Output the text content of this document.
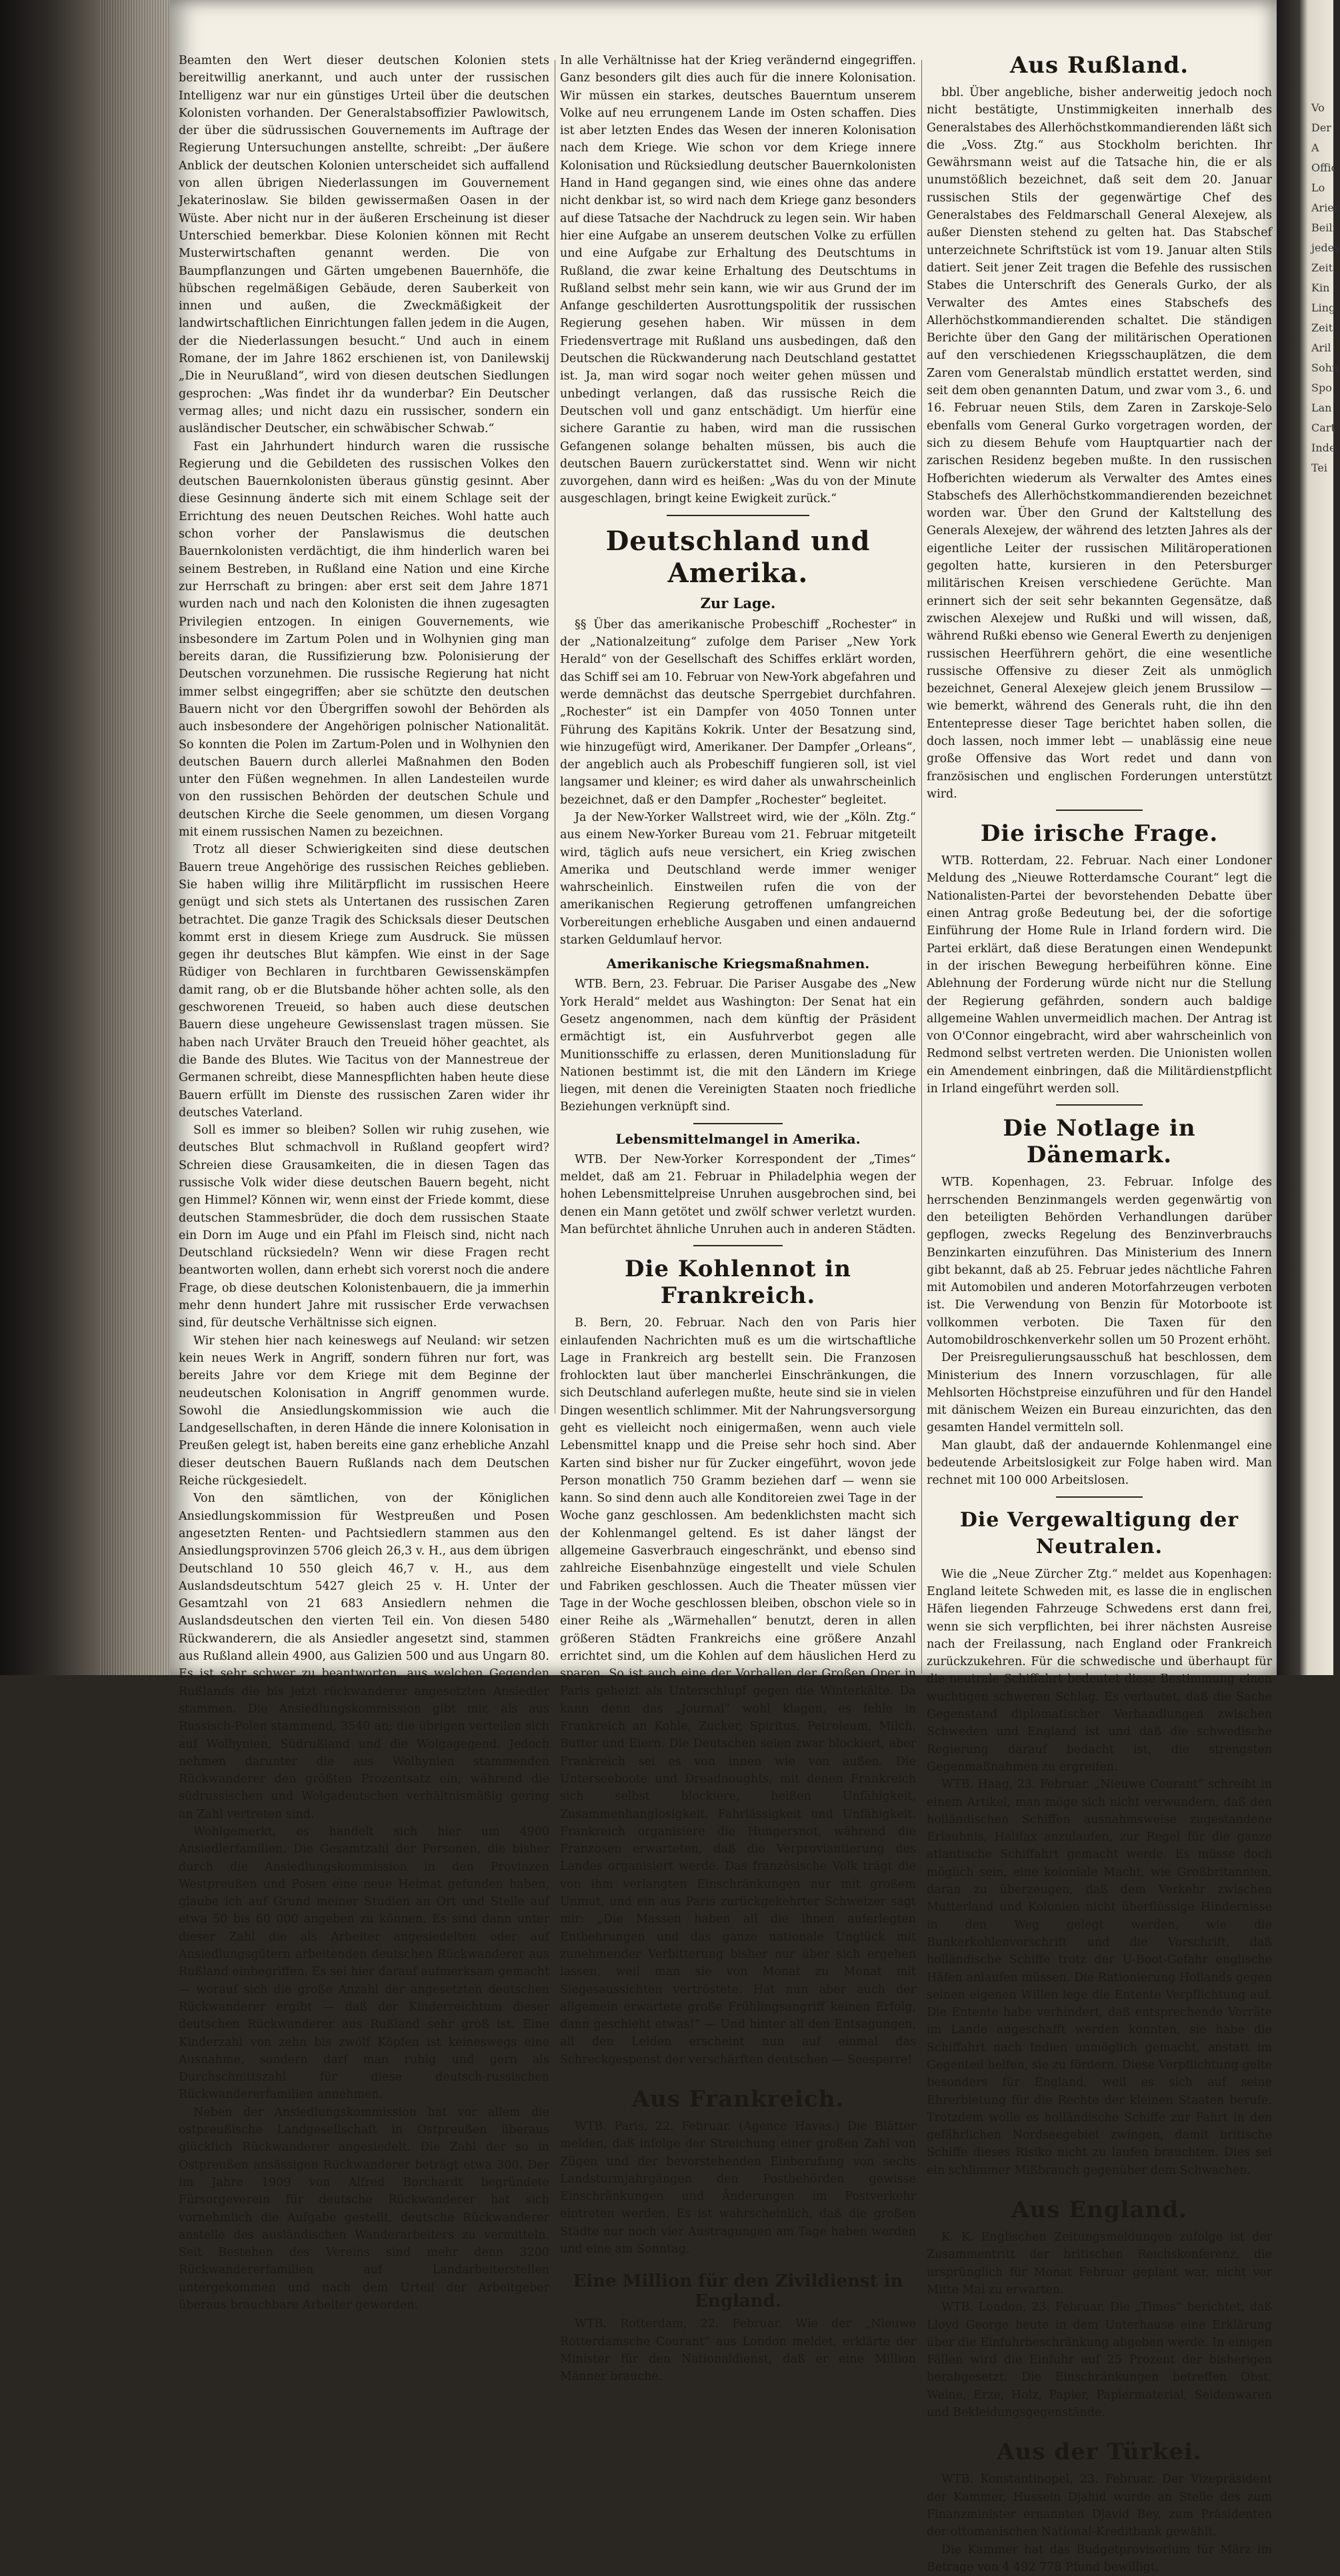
Vo
Der
A
Offic
Lo
Ariec
Beili
jedes
Zeit
Kin
Ling
Zeit
Aril
Sohn
Spo
Lan
Cart
Inde
Tei

Beamten den Wert dieser deutschen Kolonien stets bereitwillig anerkannt, und auch unter der russischen Intelligenz war nur ein günstiges Urteil über die deutschen Kolonisten vorhanden. Der Generalstabsoffizier Pawlowitsch, der über die südrussischen Gouvernements im Auftrage der Regierung Untersuchungen anstellte, schreibt: „Der äußere Anblick der deutschen Kolonien unterscheidet sich auffallend von allen übrigen Niederlassungen im Gouvernement Jekaterinoslaw. Sie bilden gewissermaßen Oasen in der Wüste. Aber nicht nur in der äußeren Erscheinung ist dieser Unterschied bemerkbar. Diese Kolonien können mit Recht Musterwirtschaften genannt werden. Die von Baumpflanzungen und Gärten umgebenen Bauernhöfe, die hübschen regelmäßigen Gebäude, deren Sauberkeit von innen und außen, die Zweckmäßigkeit der landwirtschaftlichen Einrichtungen fallen jedem in die Augen, der die Niederlassungen besucht.“ Und auch in einem Romane, der im Jahre 1862 erschienen ist, von Danilewskij „Die in Neurußland“, wird von diesen deutschen Siedlungen gesprochen: „Was findet ihr da wunderbar? Ein Deutscher vermag alles; und nicht dazu ein russischer, sondern ein ausländischer Deutscher, ein schwäbischer Schwab.“

Fast ein Jahrhundert hindurch waren die russische Regierung und die Gebildeten des russischen Volkes den deutschen Bauernkolonisten überaus günstig gesinnt. Aber diese Gesinnung änderte sich mit einem Schlage seit der Errichtung des neuen Deutschen Reiches. Wohl hatte auch schon vorher der Panslawismus die deutschen Bauernkolonisten verdächtigt, die ihm hinderlich waren bei seinem Bestreben, in Rußland eine Nation und eine Kirche zur Herrschaft zu bringen: aber erst seit dem Jahre 1871 wurden nach und nach den Kolonisten die ihnen zugesagten Privilegien entzogen. In einigen Gouvernements, wie insbesondere im Zartum Polen und in Wolhynien ging man bereits daran, die Russifizierung bzw. Polonisierung der Deutschen vorzunehmen. Die russische Regierung hat nicht immer selbst eingegriffen; aber sie schützte den deutschen Bauern nicht vor den Übergriffen sowohl der Behörden als auch insbesondere der Angehörigen polnischer Nationalität. So konnten die Polen im Zartum-Polen und in Wolhynien den deutschen Bauern durch allerlei Maßnahmen den Boden unter den Füßen wegnehmen. In allen Landesteilen wurde von den russischen Behörden der deutschen Schule und deutschen Kirche die Seele genommen, um diesen Vorgang mit einem russischen Namen zu bezeichnen.

Trotz all dieser Schwierigkeiten sind diese deutschen Bauern treue Angehörige des russischen Reiches geblieben. Sie haben willig ihre Militärpflicht im russischen Heere genügt und sich stets als Untertanen des russischen Zaren betrachtet. Die ganze Tragik des Schicksals dieser Deutschen kommt erst in diesem Kriege zum Ausdruck. Sie müssen gegen ihr deutsches Blut kämpfen. Wie einst in der Sage Rüdiger von Bechlaren in furchtbaren Gewissenskämpfen damit rang, ob er die Blutsbande höher achten solle, als den geschworenen Treueid, so haben auch diese deutschen Bauern diese ungeheure Gewissenslast tragen müssen. Sie haben nach Urväter Brauch den Treueid höher geachtet, als die Bande des Blutes. Wie Tacitus von der Mannestreue der Germanen schreibt, diese Mannespflichten haben heute diese Bauern erfüllt im Dienste des russischen Zaren wider ihr deutsches Vaterland.

Soll es immer so bleiben? Sollen wir ruhig zusehen, wie deutsches Blut schmachvoll in Rußland geopfert wird? Schreien diese Grausamkeiten, die in diesen Tagen das russische Volk wider diese deutschen Bauern begeht, nicht gen Himmel? Können wir, wenn einst der Friede kommt, diese deutschen Stammesbrüder, die doch dem russischen Staate ein Dorn im Auge und ein Pfahl im Fleisch sind, nicht nach Deutschland rücksiedeln? Wenn wir diese Fragen recht beantworten wollen, dann erhebt sich vorerst noch die andere Frage, ob diese deutschen Kolonistenbauern, die ja immerhin mehr denn hundert Jahre mit russischer Erde verwachsen sind, für deutsche Verhältnisse sich eignen.

Wir stehen hier nach keineswegs auf Neuland: wir setzen kein neues Werk in Angriff, sondern führen nur fort, was bereits Jahre vor dem Kriege mit dem Beginne der neudeutschen Kolonisation in Angriff genommen wurde. Sowohl die Ansiedlungskommission wie auch die Landgesellschaften, in deren Hände die innere Kolonisation in Preußen gelegt ist, haben bereits eine ganz erhebliche Anzahl dieser deutschen Bauern Rußlands nach dem Deutschen Reiche rückgesiedelt.

Von den sämtlichen, von der Königlichen Ansiedlungskommission für Westpreußen und Posen angesetzten Renten- und Pachtsiedlern stammen aus den Ansiedlungsprovinzen 5706 gleich 26,3 v. H., aus dem übrigen Deutschland 10 550 gleich 46,7 v. H., aus dem Auslandsdeutschtum 5427 gleich 25 v. H. Unter der Gesamtzahl von 21 683 Ansiedlern nehmen die Auslandsdeutschen den vierten Teil ein. Von diesen 5480 Rückwanderern, die als Ansiedler angesetzt sind, stammen aus Rußland allein 4900, aus Galizien 500 und aus Ungarn 80. Es ist sehr schwer zu beantworten, aus welchen Gegenden Rußlands die bis jetzt rückwanderer angesetzten Ansiedler stammen. Die Ansiedlungskommission gibt mir, als aus Russisch-Polen stammend, 3540 an; die übrigen verteilen sich auf Wolhynien, Südrußland und die Wolgagegend. Jedoch nehmen darunter die aus Wolhynien stammenden Rückwanderer den größten Prozentsatz ein, während die südrussischen und Wolgadeutschen verhältnismäßig gering an Zahl vertreten sind.

Wohlgemerkt, es handelt sich hier um 4900 Ansiedlerfamilien. Die Gesamtzahl der Personen, die bisher durch die Ansiedlungskommission in den Provinzen Westpreußen und Posen eine neue Heimat gefunden haben, glaube ich auf Grund meiner Studien an Ort und Stelle auf etwa 50 bis 60 000 angeben zu können. Es sind dann unter dieser Zahl die als Arbeiter angesiedelten oder auf Ansiedlungsgütern arbeitenden deutschen Rückwanderer aus Rußland einbegriffen. Es sei hier darauf aufmerksam gemacht — worauf sich die große Anzahl der angesetzten deutschen Rückwanderer ergibt — daß der Kinderreichtum dieser deutschen Rückwanderer aus Rußland sehr groß ist. Eine Kinderzahl von zehn bis zwölf Köpfen ist keineswegs eine Ausnahme, sondern darf man ruhig und gern als Durchschnittszahl für diese deutsch-russischen Rückwandererfamilien annehmen.

Neben der Ansiedlungskommission hat vor allem die ostpreußische Landgesellschaft in Ostpreußen überaus glücklich Rückwanderer angesiedelt. Die Zahl der so in Ostpreußen ansässigen Rückwanderer beträgt etwa 300. Der im Jahre 1909 von Alfred Borchardt begründete Fürsorgeverein für deutsche Rückwanderer hat sich vornehmlich die Aufgabe gestellt, deutsche Rückwanderer anstelle des ausländischen Wanderarbeiters zu vermitteln. Seit Bestehen des Vereins sind mehr denn 3200 Rückwandererfamilien auf Landarbeiterstellen untergekommen und nach dem Urteil der Arbeitgeber überaus brauchbare Arbeiter geworden.

In alle Verhältnisse hat der Krieg verändernd eingegriffen. Ganz besonders gilt dies auch für die innere Kolonisation. Wir müssen ein starkes, deutsches Bauerntum unserem Volke auf neu errungenem Lande im Osten schaffen. Dies ist aber letzten Endes das Wesen der inneren Kolonisation nach dem Kriege. Wie schon vor dem Kriege innere Kolonisation und Rücksiedlung deutscher Bauernkolonisten Hand in Hand gegangen sind, wie eines ohne das andere nicht denkbar ist, so wird nach dem Kriege ganz besonders auf diese Tatsache der Nachdruck zu legen sein. Wir haben hier eine Aufgabe an unserem deutschen Volke zu erfüllen und eine Aufgabe zur Erhaltung des Deutschtums in Rußland, die zwar keine Erhaltung des Deutschtums in Rußland selbst mehr sein kann, wie wir aus Grund der im Anfange geschilderten Ausrottungspolitik der russischen Regierung gesehen haben. Wir müssen in dem Friedensvertrage mit Rußland uns ausbedingen, daß den Deutschen die Rückwanderung nach Deutschland gestattet ist. Ja, man wird sogar noch weiter gehen müssen und unbedingt verlangen, daß das russische Reich die Deutschen voll und ganz entschädigt. Um hierfür eine sichere Garantie zu haben, wird man die russischen Gefangenen solange behalten müssen, bis auch die deutschen Bauern zurückerstattet sind. Wenn wir nicht zuvorgehen, dann wird es heißen: „Was du von der Minute ausgeschlagen, bringt keine Ewigkeit zurück.“

Deutschland und Amerika.
Zur Lage.

§§ Über das amerikanische Probeschiff „Rochester“ in der „Nationalzeitung“ zufolge dem Pariser „New York Herald“ von der Gesellschaft des Schiffes erklärt worden, das Schiff sei am 10. Februar von New-York abgefahren und werde demnächst das deutsche Sperrgebiet durchfahren. „Rochester“ ist ein Dampfer von 4050 Tonnen unter Führung des Kapitäns Kokrik. Unter der Besatzung sind, wie hinzugefügt wird, Amerikaner. Der Dampfer „Orleans“, der angeblich auch als Probeschiff fungieren soll, ist viel langsamer und kleiner; es wird daher als unwahrscheinlich bezeichnet, daß er den Dampfer „Rochester“ begleitet.

Ja der New-Yorker Wallstreet wird, wie der „Köln. Ztg.“ aus einem New-Yorker Bureau vom 21. Februar mitgeteilt wird, täglich aufs neue versichert, ein Krieg zwischen Amerika und Deutschland werde immer weniger wahrscheinlich. Einstweilen rufen die von der amerikanischen Regierung getroffenen umfangreichen Vorbereitungen erhebliche Ausgaben und einen andauernd starken Geldumlauf hervor.

Amerikanische Kriegsmaßnahmen.

WTB. Bern, 23. Februar. Die Pariser Ausgabe des „New York Herald“ meldet aus Washington: Der Senat hat ein Gesetz angenommen, nach dem künftig der Präsident ermächtigt ist, ein Ausfuhrverbot gegen alle Munitionsschiffe zu erlassen, deren Munitionsladung für Nationen bestimmt ist, die mit den Ländern im Kriege liegen, mit denen die Vereinigten Staaten noch friedliche Beziehungen verknüpft sind.

Lebensmittelmangel in Amerika.

WTB. Der New-Yorker Korrespondent der „Times“ meldet, daß am 21. Februar in Philadelphia wegen der hohen Lebensmittelpreise Unruhen ausgebrochen sind, bei denen ein Mann getötet und zwölf schwer verletzt wurden. Man befürchtet ähnliche Unruhen auch in anderen Städten.

Die Kohlennot in Frankreich.

B. Bern, 20. Februar. Nach den von Paris hier einlaufenden Nachrichten muß es um die wirtschaftliche Lage in Frankreich arg bestellt sein. Die Franzosen frohlockten laut über mancherlei Einschränkungen, die sich Deutschland auferlegen mußte, heute sind sie in vielen Dingen wesentlich schlimmer. Mit der Nahrungsversorgung geht es vielleicht noch einigermaßen, wenn auch viele Lebensmittel knapp und die Preise sehr hoch sind. Aber Karten sind bisher nur für Zucker eingeführt, wovon jede Person monatlich 750 Gramm beziehen darf — wenn sie kann. So sind denn auch alle Konditoreien zwei Tage in der Woche ganz geschlossen. Am bedenklichsten macht sich der Kohlenmangel geltend. Es ist daher längst der allgemeine Gasverbrauch eingeschränkt, und ebenso sind zahlreiche Eisenbahnzüge eingestellt und viele Schulen und Fabriken geschlossen. Auch die Theater müssen vier Tage in der Woche geschlossen bleiben, obschon viele so in einer Reihe als „Wärmehallen“ benutzt, deren in allen größeren Städten Frankreichs eine größere Anzahl errichtet sind, um die Kohlen auf dem häuslichen Herd zu sparen. So ist auch eine der Vorhallen der Großen Oper in Paris geheizt als Unterschlupf gegen die Winterkälte. Da kann denn das „Journal“ wohl klagen, es fehle in Frankreich an Kohle, Zucker, Spiritus, Petroleum, Milch, Butter und Eiern. Die Deutschen seien zwar blockiert, aber Frankreich sei es von innen wie von außen. Die Unterseeboote und Dreadnoughts, mit denen Frankreich sich selbst blockiere, heißen Unfähigkeit, Zusammenhanglosigkeit, Fahrlässigkeit und Unfähigkeit. Frankreich organisiere die Hungersnot, während die Franzosen erwarteten, daß die Verproviantierung des Landes organisiert werde. Das französische Volk trägt die von ihm verlangten Einschränkungen nur mit großem Unmut, und ein aus Paris zurückgekehrter Schweizer sagt mir: „Die Massen haben all die ihnen auferlegten Entbehrungen und das ganze nationale Unglück mit zunehmender Verbitterung bisher nur über sich ergehen lassen, weil man sie von Monat zu Monat mit Siegesaussichten vertröstete. Hat nun aber auch der allgemein erwartete große Frühlingsangriff keinen Erfolg, dann geschieht etwas!“ — Und hinter all den Entsagungen, all den Leiden erscheint nun auf einmal das Schreckgespenst der verschärften deutschen — Seesperre!

Aus Frankreich.

WTB. Paris, 22. Februar. (Agence Havas.) Die Blätter melden, daß infolge der Streichung einer großen Zahl von Zügen und der bevorstehenden Einberufung von sechs Landsturmjahrgängen den Postbehörden gewisse Einschränkungen und Änderungen im Postverkehr eintreten werden. Es ist wahrscheinlich, daß die großen Städte nur noch vier Austragungen am Tage haben werden und eine am Sonntag.

Eine Million für den Zivildienst in England.

WTB. Rotterdam, 22. Februar. Wie der „Nieuwe Rotterdamsche Courant“ aus London meldet, erklärte der Minister für den Nationaldienst, daß er eine Million Männer brauche.

Aus Rußland.

bbl. Über angebliche, bisher anderweitig jedoch noch nicht bestätigte, Unstimmigkeiten innerhalb des Generalstabes des Allerhöchstkommandierenden läßt sich die „Voss. Ztg.“ aus Stockholm berichten. Ihr Gewährsmann weist auf die Tatsache hin, die er als unumstößlich bezeichnet, daß seit dem 20. Januar russischen Stils der gegenwärtige Chef des Generalstabes des Feldmarschall General Alexejew, als außer Diensten stehend zu gelten hat. Das Stabschef unterzeichnete Schriftstück ist vom 19. Januar alten Stils datiert. Seit jener Zeit tragen die Befehle des russischen Stabes die Unterschrift des Generals Gurko, der als Verwalter des Amtes eines Stabschefs des Allerhöchstkommandierenden schaltet. Die ständigen Berichte über den Gang der militärischen Operationen auf den verschiedenen Kriegsschauplätzen, die dem Zaren vom Generalstab mündlich erstattet werden, sind seit dem oben genannten Datum, und zwar vom 3., 6. und 16. Februar neuen Stils, dem Zaren in Zarskoje-Selo ebenfalls vom General Gurko vorgetragen worden, der sich zu diesem Behufe vom Hauptquartier nach der zarischen Residenz begeben mußte. In den russischen Hofberichten wiederum als Verwalter des Amtes eines Stabschefs des Allerhöchstkommandierenden bezeichnet worden war. Über den Grund der Kaltstellung des Generals Alexejew, der während des letzten Jahres als der eigentliche Leiter der russischen Militäroperationen gegolten hatte, kursieren in den Petersburger militärischen Kreisen verschiedene Gerüchte. Man erinnert sich der seit sehr bekannten Gegensätze, daß zwischen Alexejew und Rußki und will wissen, daß, während Rußki ebenso wie General Ewerth zu denjenigen russischen Heerführern gehört, die eine wesentliche russische Offensive zu dieser Zeit als unmöglich bezeichnet, General Alexejew gleich jenem Brussilow — wie bemerkt, während des Generals ruht, die ihn den Ententepresse dieser Tage berichtet haben sollen, die doch lassen, noch immer lebt — unablässig eine neue große Offensive das Wort redet und dann von französischen und englischen Forderungen unterstützt wird.

Die irische Frage.

WTB. Rotterdam, 22. Februar. Nach einer Londoner Meldung des „Nieuwe Rotterdamsche Courant“ legt die Nationalisten-Partei der bevorstehenden Debatte über einen Antrag große Bedeutung bei, der die sofortige Einführung der Home Rule in Irland fordern wird. Die Partei erklärt, daß diese Beratungen einen Wendepunkt in der irischen Bewegung herbeiführen könne. Eine Ablehnung der Forderung würde nicht nur die Stellung der Regierung gefährden, sondern auch baldige allgemeine Wahlen unvermeidlich machen. Der Antrag ist von O'Connor eingebracht, wird aber wahrscheinlich von Redmond selbst vertreten werden. Die Unionisten wollen ein Amendement einbringen, daß die Militärdienstpflicht in Irland eingeführt werden soll.

Die Notlage in Dänemark.

WTB. Kopenhagen, 23. Februar. Infolge des herrschenden Benzinmangels werden gegenwärtig von den beteiligten Behörden Verhandlungen darüber gepflogen, zwecks Regelung des Benzinverbrauchs Benzinkarten einzuführen. Das Ministerium des Innern gibt bekannt, daß ab 25. Februar jedes nächtliche Fahren mit Automobilen und anderen Motorfahrzeugen verboten ist. Die Verwendung von Benzin für Motorboote ist vollkommen verboten. Die Taxen für den Automobildroschkenverkehr sollen um 50 Prozent erhöht.

Der Preisregulierungsausschuß hat beschlossen, dem Ministerium des Innern vorzuschlagen, für alle Mehlsorten Höchstpreise einzuführen und für den Handel mit dänischem Weizen ein Bureau einzurichten, das den gesamten Handel vermitteln soll.

Man glaubt, daß der andauernde Kohlenmangel eine bedeutende Arbeitslosigkeit zur Folge haben wird. Man rechnet mit 100 000 Arbeitslosen.

Die Vergewaltigung der Neutralen.

Wie die „Neue Zürcher Ztg.“ meldet aus Kopenhagen: England leitete Schweden mit, es lasse die in englischen Häfen liegenden Fahrzeuge Schwedens erst dann frei, wenn sie sich verpflichten, bei ihrer nächsten Ausreise nach der Freilassung, nach England oder Frankreich zurückzukehren. Für die schwedische und überhaupt für die neutrale Schiffahrt bedeutet diese Bestimmung einen wuchtigen schweren Schlag. Es verlautet, daß die Sache Gegenstand diplomatischer Verhandlungen zwischen Schweden und England ist und daß die schwedische Regierung darauf bedacht ist, die strengsten Gegenmaßnahmen zu ergreifen.

WTB. Haag, 23. Februar. „Nieuwe Courant“ schreibt in einem Artikel, man möge sich nicht verwundern, daß den holländischen Schiffen ausnahmsweise zugestandene Erlaubnis, Halifax anzulaufen, zur Regel für die ganze atlantische Schiffahrt gemacht werde. Es müsse doch möglich sein, eine koloniale Macht, wie Großbritannien, daran zu überzeugen, daß dem Verkehr zwischen Mutterland und Kolonien nicht überflüssige Hindernisse in den Weg gelegt werden, wie die Bunkerkohlenvorschrift und die Vorschrift, daß holländische Schiffe trotz der U-Boot-Gefahr englische Häfen anlaufen müssen. Die Rationierung Hollands gegen seinen eigenen Willen lege die Entente Verpflichtung auf. Die Entente habe verhindert, daß entsprechende Vorräte im Lande angeschafft werden konnten, sie habe die Schiffahrt nach Indien unmöglich gemacht, anstatt im Gegenteil helfen, sie zu fördern. Diese Verpflichtung gelte besonders für England, weil es sich auf seine Ehrerbietung für die Rechte der kleinen Staaten berufe. Trotzdem wolle es holländische Schiffe zur Fahrt in den gefährlichen Nordseegebiet zwingen, damit britische Schiffe dieses Risiko nicht zu laufen brauchten. Dies sei ein schlimmer Mißbrauch gegenüber dem Schwachen.

Aus England.

K. K. Englischen Zeitungsmeldungen zufolge ist der Zusammentritt der britischen Reichskonferenz, die ursprünglich für Monat Februar geplant war, nicht vor Mitte Mai zu erwarten.

WTB. London, 23. Februar. Die „Times“ berichtet, daß Lloyd George heute in dem Unterhause eine Erklärung über die Einfuhrbeschränkung abgeben werde. In einigen Fällen wird die Einfuhr auf 25 Prozent der bisherigen herabgesetzt. Die Einschränkungen betreffen Obst, Weine, Erze, Holz, Papier, Papiermaterial, Seidenwaren und Bekleidungsgegenstände.

Aus der Türkei.

WTB. Konstantinopel, 23. Februar. Der Vizepräsident der Kammer, Hussein Djahid wurde an Stelle des zum Finanzminister ernannten Djavid Bey, zum Präsidenten der ottomanischen National-Kreditbank gewählt.

Die Kammer hat das Budgetprovisorium für März im Betrage von 4 492 778 Pfund bewilligt.
